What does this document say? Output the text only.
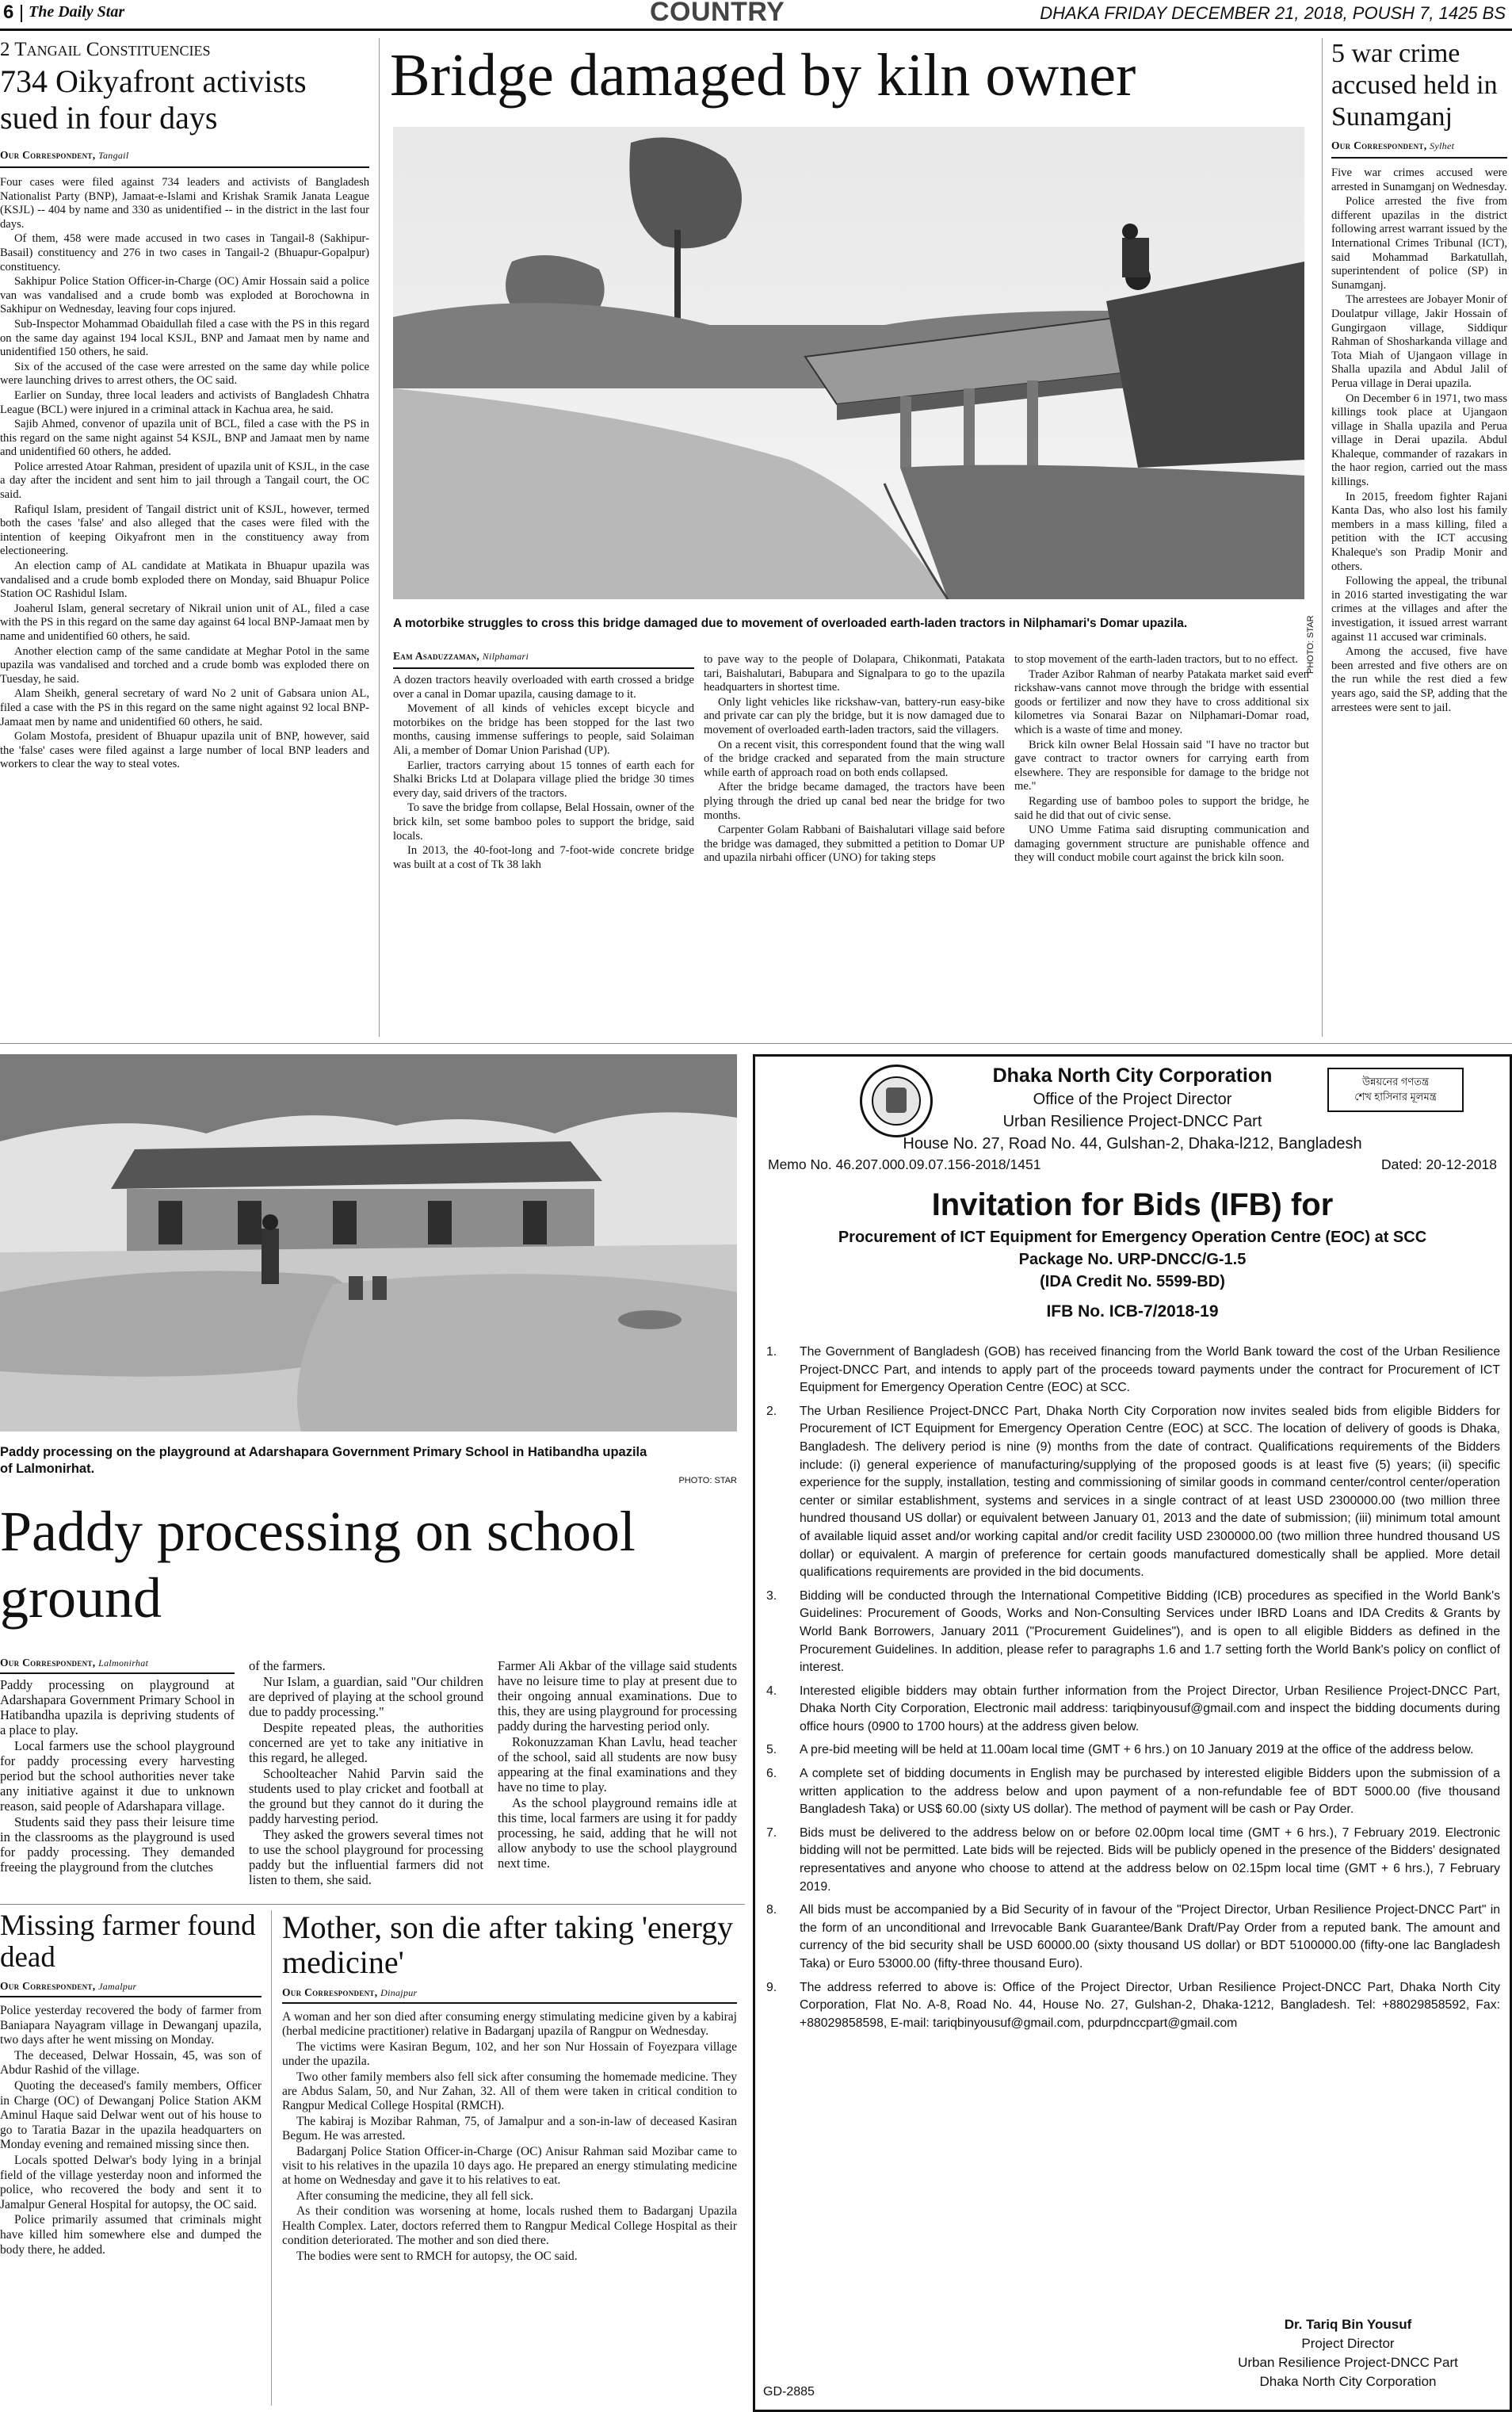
6 The Daily Star	COUNTRY	DHAKA FRIDAY DECEMBER 21, 2018, POUSH 7, 1425 BS
2 Tangail Constituencies
734 Oikyafront activists sued in four days
Our Correspondent, Tangail

Four cases were filed against 734 leaders and activists of Bangladesh Nationalist Party (BNP), Jamaat-e-Islami and Krishak Sramik Janata League (KSJL) -- 404 by name and 330 as unidentified -- in the district in the last four days.

Of them, 458 were made accused in two cases in Tangail-8 (Sakhipur-Basail) constituency and 276 in two cases in Tangail-2 (Bhuapur-Gopalpur) constituency.

Sakhipur Police Station Officer-in-Charge (OC) Amir Hossain said a police van was vandalised and a crude bomb was exploded at Borochowna in Sakhipur on Wednesday, leaving four cops injured.

Sub-Inspector Mohammad Obaidullah filed a case with the PS in this regard on the same day against 194 local KSJL, BNP and Jamaat men by name and unidentified 150 others, he said.

Six of the accused of the case were arrested on the same day while police were launching drives to arrest others, the OC said.

Earlier on Sunday, three local leaders and activists of Bangladesh Chhatra League (BCL) were injured in a criminal attack in Kachua area, he said.

Sajib Ahmed, convenor of upazila unit of BCL, filed a case with the PS in this regard on the same night against 54 KSJL, BNP and Jamaat men by name and unidentified 60 others, he added.

Police arrested Atoar Rahman, president of upazila unit of KSJL, in the case a day after the incident and sent him to jail through a Tangail court, the OC said.

Rafiqul Islam, president of Tangail district unit of KSJL, however, termed both the cases 'false' and also alleged that the cases were filed with the intention of keeping Oikyafront men in the constituency away from electioneering.

An election camp of AL candidate at Matikata in Bhuapur upazila was vandalised and a crude bomb exploded there on Monday, said Bhuapur Police Station OC Rashidul Islam.

Joaherul Islam, general secretary of Nikrail union unit of AL, filed a case with the PS in this regard on the same day against 64 local BNP-Jamaat men by name and unidentified 60 others, he said.

Another election camp of the same candidate at Meghar Potol in the same upazila was vandalised and torched and a crude bomb was exploded there on Tuesday, he said.

Alam Sheikh, general secretary of ward No 2 unit of Gabsara union AL, filed a case with the PS in this regard on the same night against 92 local BNP-Jamaat men by name and unidentified 60 others, he said.

Golam Mostofa, president of Bhuapur upazila unit of BNP, however, said the 'false' cases were filed against a large number of local BNP leaders and workers to clear the way to steal votes.

Bridge damaged by kiln owner
PHOTO: STAR
A motorbike struggles to cross this bridge damaged due to movement of overloaded earth-laden tractors in Nilphamari's Domar upazila.
Eam Asaduzzaman, Nilphamari

A dozen tractors heavily overloaded with earth crossed a bridge over a canal in Domar upazila, causing damage to it.

Movement of all kinds of vehicles except bicycle and motorbikes on the bridge has been stopped for the last two months, causing immense sufferings to people, said Solaiman Ali, a member of Domar Union Parishad (UP).

Earlier, tractors carrying about 15 tonnes of earth each for Shalki Bricks Ltd at Dolapara village plied the bridge 30 times every day, said drivers of the tractors.

To save the bridge from collapse, Belal Hossain, owner of the brick kiln, set some bamboo poles to support the bridge, said locals.

In 2013, the 40-foot-long and 7-foot-wide concrete bridge was built at a cost of Tk 38 lakh

to pave way to the people of Dolapara, Chikonmati, Patakata tari, Baishalutari, Babupara and Signalpara to go to the upazila headquarters in shortest time.

Only light vehicles like rickshaw-van, battery-run easy-bike and private car can ply the bridge, but it is now damaged due to movement of overloaded earth-laden tractors, said the villagers.

On a recent visit, this correspondent found that the wing wall of the bridge cracked and separated from the main structure while earth of approach road on both ends collapsed.

After the bridge became damaged, the tractors have been plying through the dried up canal bed near the bridge for two months.

Carpenter Golam Rabbani of Baishalutari village said before the bridge was damaged, they submitted a petition to Domar UP and upazila nirbahi officer (UNO) for taking steps

to stop movement of the earth-laden tractors, but to no effect.

Trader Azibor Rahman of nearby Patakata market said even rickshaw-vans cannot move through the bridge with essential goods or fertilizer and now they have to cross additional six kilometres via Sonarai Bazar on Nilphamari-Domar road, which is a waste of time and money.

Brick kiln owner Belal Hossain said "I have no tractor but gave contract to tractor owners for carrying earth from elsewhere. They are responsible for damage to the bridge not me."

Regarding use of bamboo poles to support the bridge, he said he did that out of civic sense.

UNO Umme Fatima said disrupting communication and damaging government structure are punishable offence and they will conduct mobile court against the brick kiln soon.

5 war crime accused held in Sunamganj
Our Correspondent, Sylhet

Five war crimes accused were arrested in Sunamganj on Wednesday.

Police arrested the five from different upazilas in the district following arrest warrant issued by the International Crimes Tribunal (ICT), said Mohammad Barkatullah, superintendent of police (SP) in Sunamganj.

The arrestees are Jobayer Monir of Doulatpur village, Jakir Hossain of Gungirgaon village, Siddiqur Rahman of Shosharkanda village and Tota Miah of Ujangaon village in Shalla upazila and Abdul Jalil of Perua village in Derai upazila.

On December 6 in 1971, two mass killings took place at Ujangaon village in Shalla upazila and Perua village in Derai upazila. Abdul Khaleque, commander of razakars in the haor region, carried out the mass killings.

In 2015, freedom fighter Rajani Kanta Das, who also lost his family members in a mass killing, filed a petition with the ICT accusing Khaleque's son Pradip Monir and others.

Following the appeal, the tribunal in 2016 started investigating the war crimes at the villages and after the investigation, it issued arrest warrant against 11 accused war criminals.

Among the accused, five have been arrested and five others are on the run while the rest died a few years ago, said the SP, adding that the arrestees were sent to jail.

Paddy processing on the playground at Adarshapara Government Primary School in Hatibandha upazila of Lalmonirhat.
PHOTO: STAR
Paddy processing on school ground
Our Correspondent, Lalmonirhat

Paddy processing on playground at Adarshapara Government Primary School in Hatibandha upazila is depriving students of a place to play.

Local farmers use the school playground for paddy processing every harvesting period but the school authorities never take any initiative against it due to unknown reason, said people of Adarshapara village.

Students said they pass their leisure time in the classrooms as the playground is used for paddy processing. They demanded freeing the playground from the clutches

of the farmers.

Nur Islam, a guardian, said "Our children are deprived of playing at the school ground due to paddy processing."

Despite repeated pleas, the authorities concerned are yet to take any initiative in this regard, he alleged.

Schoolteacher Nahid Parvin said the students used to play cricket and football at the ground but they cannot do it during the paddy harvesting period.

They asked the growers several times not to use the school playground for processing paddy but the influential farmers did not listen to them, she said.

Farmer Ali Akbar of the village said students have no leisure time to play at present due to their ongoing annual examinations. Due to this, they are using playground for processing paddy during the harvesting period only.

Rokonuzzaman Khan Lavlu, head teacher of the school, said all students are now busy appearing at the final examinations and they have no time to play.

As the school playground remains idle at this time, local farmers are using it for paddy processing, he said, adding that he will not allow anybody to use the school playground next time.

Missing farmer found dead
Our Correspondent, Jamalpur

Police yesterday recovered the body of farmer from Baniapara Nayagram village in Dewanganj upazila, two days after he went missing on Monday.

The deceased, Delwar Hossain, 45, was son of Abdur Rashid of the village.

Quoting the deceased's family members, Officer in Charge (OC) of Dewanganj Police Station AKM Aminul Haque said Delwar went out of his house to go to Taratia Bazar in the upazila headquarters on Monday evening and remained missing since then.

Locals spotted Delwar's body lying in a brinjal field of the village yesterday noon and informed the police, who recovered the body and sent it to Jamalpur General Hospital for autopsy, the OC said.

Police primarily assumed that criminals might have killed him somewhere else and dumped the body there, he added.

Mother, son die after taking 'energy medicine'
Our Correspondent, Dinajpur

A woman and her son died after consuming energy stimulating medicine given by a kabiraj (herbal medicine practitioner) relative in Badarganj upazila of Rangpur on Wednesday.

The victims were Kasiran Begum, 102, and her son Nur Hossain of Foyezpara village under the upazila.

Two other family members also fell sick after consuming the homemade medicine. They are Abdus Salam, 50, and Nur Zahan, 32. All of them were taken in critical condition to Rangpur Medical College Hospital (RMCH).

The kabiraj is Mozibar Rahman, 75, of Jamalpur and a son-in-law of deceased Kasiran Begum. He was arrested.

Badarganj Police Station Officer-in-Charge (OC) Anisur Rahman said Mozibar came to visit to his relatives in the upazila 10 days ago. He prepared an energy stimulating medicine at home on Wednesday and gave it to his relatives to eat.

After consuming the medicine, they all fell sick.

As their condition was worsening at home, locals rushed them to Badarganj Upazila Health Complex. Later, doctors referred them to Rangpur Medical College Hospital as their condition deteriorated. The mother and son died there.

The bodies were sent to RMCH for autopsy, the OC said.

উন্নয়নের গণতন্ত্র
শেখ হাসিনার মূলমন্ত্র
Dhaka North City Corporation
Office of the Project Director
Urban Resilience Project-DNCC Part
House No. 27, Road No. 44, Gulshan-2, Dhaka-l212, Bangladesh
Memo No. 46.207.000.09.07.156-2018/1451	Dated: 20-12-2018
Invitation for Bids (IFB) for
Procurement of ICT Equipment for Emergency Operation Centre (EOC) at SCC
Package No. URP-DNCC/G-1.5
(IDA Credit No. 5599-BD)
IFB No. ICB-7/2018-19
1.	The Government of Bangladesh (GOB) has received financing from the World Bank toward the cost of the Urban Resilience Project-DNCC Part, and intends to apply part of the proceeds toward payments under the contract for Procurement of ICT Equipment for Emergency Operation Centre (EOC) at SCC.
2.	The Urban Resilience Project-DNCC Part, Dhaka North City Corporation now invites sealed bids from eligible Bidders for Procurement of ICT Equipment for Emergency Operation Centre (EOC) at SCC. The location of delivery of goods is Dhaka, Bangladesh. The delivery period is nine (9) months from the date of contract. Qualifications requirements of the Bidders include: (i) general experience of manufacturing/supplying of the proposed goods is at least five (5) years; (ii) specific experience for the supply, installation, testing and commissioning of similar goods in command center/control center/operation center or similar establishment, systems and services in a single contract of at least USD 2300000.00 (two million three hundred thousand US dollar) or equivalent between January 01, 2013 and the date of submission; (iii) minimum total amount of available liquid asset and/or working capital and/or credit facility USD 2300000.00 (two million three hundred thousand US dollar) or equivalent. A margin of preference for certain goods manufactured domestically shall be applied. More detail qualifications requirements are provided in the bid documents.
3.	Bidding will be conducted through the International Competitive Bidding (ICB) procedures as specified in the World Bank's Guidelines: Procurement of Goods, Works and Non-Consulting Services under IBRD Loans and IDA Credits & Grants by World Bank Borrowers, January 2011 ("Procurement Guidelines"), and is open to all eligible Bidders as defined in the Procurement Guidelines. In addition, please refer to paragraphs 1.6 and 1.7 setting forth the World Bank's policy on conflict of interest.
4.	Interested eligible bidders may obtain further information from the Project Director, Urban Resilience Project-DNCC Part, Dhaka North City Corporation, Electronic mail address: tariqbinyousuf@gmail.com and inspect the bidding documents during office hours (0900 to 1700 hours) at the address given below.
5.	A pre-bid meeting will be held at 11.00am local time (GMT + 6 hrs.) on 10 January 2019 at the office of the address below.
6.	A complete set of bidding documents in English may be purchased by interested eligible Bidders upon the submission of a written application to the address below and upon payment of a non-refundable fee of BDT 5000.00 (five thousand Bangladesh Taka) or US$ 60.00 (sixty US dollar). The method of payment will be cash or Pay Order.
7.	Bids must be delivered to the address below on or before 02.00pm local time (GMT + 6 hrs.), 7 February 2019. Electronic bidding will not be permitted. Late bids will be rejected. Bids will be publicly opened in the presence of the Bidders' designated representatives and anyone who choose to attend at the address below on 02.15pm local time (GMT + 6 hrs.), 7 February 2019.
8.	All bids must be accompanied by a Bid Security of in favour of the "Project Director, Urban Resilience Project-DNCC Part" in the form of an unconditional and Irrevocable Bank Guarantee/Bank Draft/Pay Order from a reputed bank. The amount and currency of the bid security shall be USD 60000.00 (sixty thousand US dollar) or BDT 5100000.00 (fifty-one lac Bangladesh Taka) or Euro 53000.00 (fifty-three thousand Euro).
9.	The address referred to above is: Office of the Project Director, Urban Resilience Project-DNCC Part, Dhaka North City Corporation, Flat No. A-8, Road No. 44, House No. 27, Gulshan-2, Dhaka-1212, Bangladesh. Tel: +88029858592, Fax: +88029858598, E-mail: tariqbinyousuf@gmail.com, pdurpdnccpart@gmail.com
Dr. Tariq Bin Yousuf
Project Director
Urban Resilience Project-DNCC Part
Dhaka North City Corporation
GD-2885
